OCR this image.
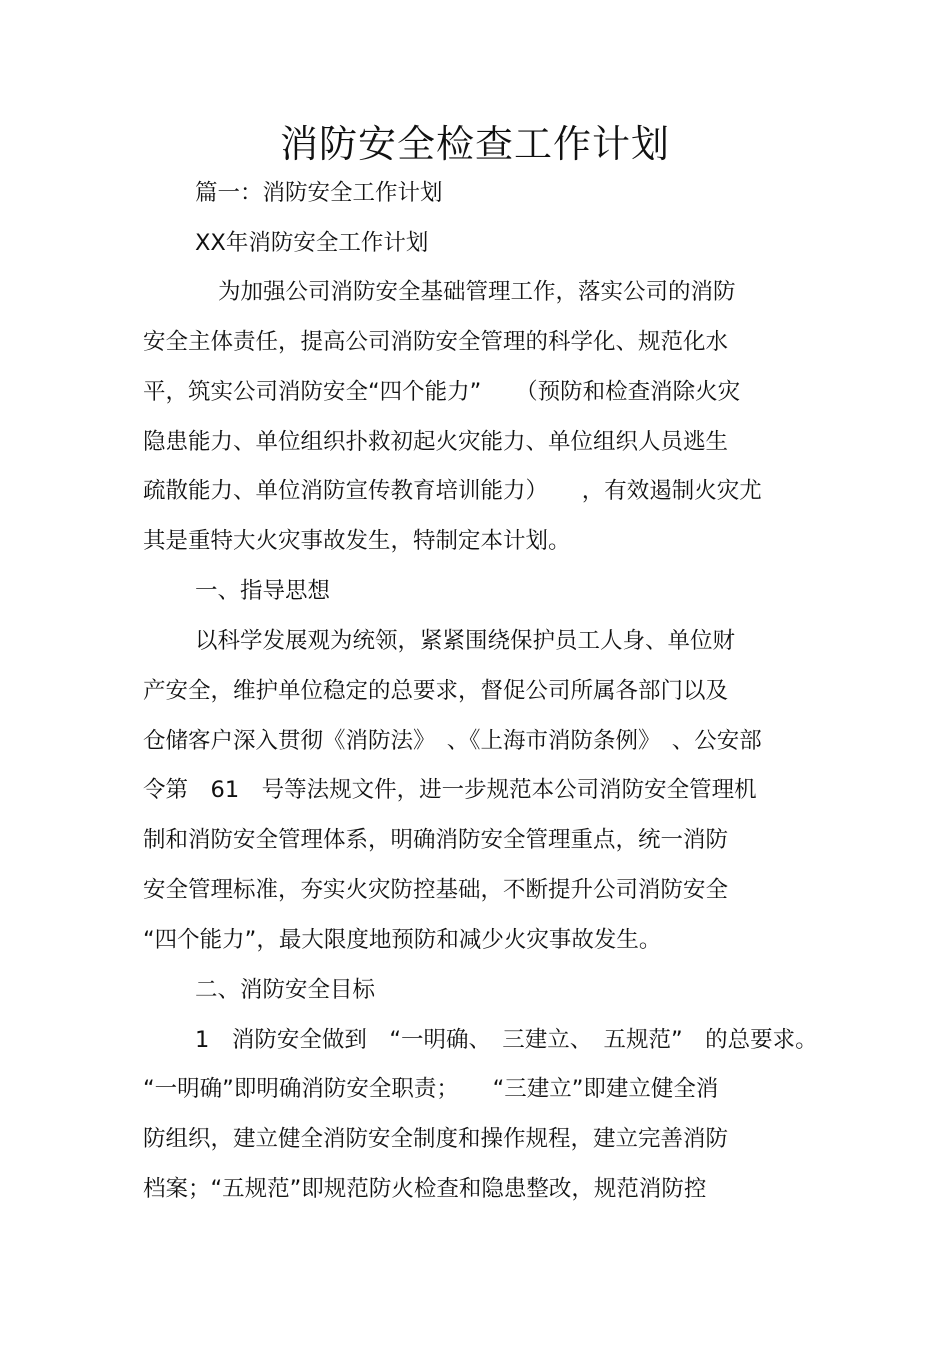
消防安全检查工作计划
篇一：消防安全工作计划
XX年消防安全工作计划
为加强公司消防安全基础管理工作，落实公司的消防
安全主体责任，提高公司消防安全管理的科学化、规范化水
平，筑实公司消防安全“四个能力”　　（预防和检查消除火灾
隐患能力、单位组织扑救初起火灾能力、单位组织人员逃生
疏散能力、单位消防宣传教育培训能力）　　，有效遏制火灾尤
其是重特大火灾事故发生，特制定本计划。
一、指导思想
以科学发展观为统领，紧紧围绕保护员工人身、单位财
产安全，维护单位稳定的总要求，督促公司所属各部门以及
仓储客户深入贯彻《消防法》　、《上海市消防条例》　、公安部
令第　61　号等法规文件，进一步规范本公司消防安全管理机
制和消防安全管理体系，明确消防安全管理重点，统一消防
安全管理标准，夯实火灾防控基础，不断提升公司消防安全
“四个能力”，最大限度地预防和减少火灾事故发生。
二、消防安全目标
1　消防安全做到　“一明确、　三建立、　五规范”　的总要求。
“一明确”即明确消防安全职责；　　“三建立”即建立健全消
防组织，建立健全消防安全制度和操作规程，建立完善消防
档案；“五规范”即规范防火检查和隐患整改，规范消防控
